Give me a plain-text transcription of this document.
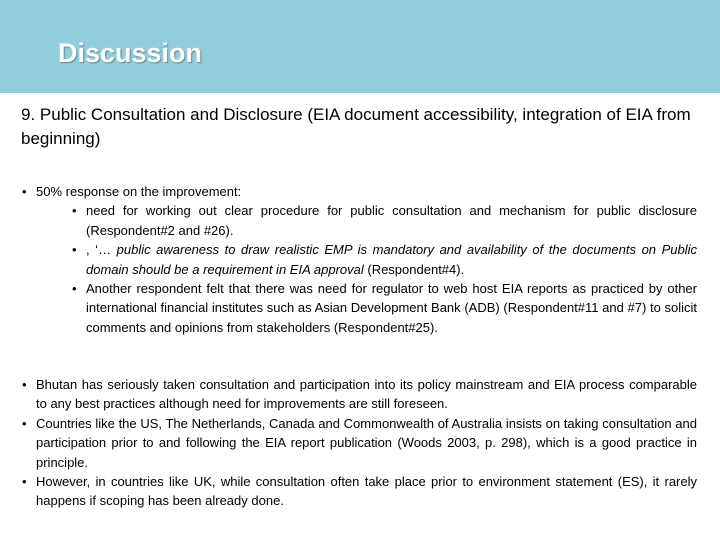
Discussion
9. Public Consultation and Disclosure (EIA document accessibility, integration of EIA from beginning)
• 50% response on the improvement:
• need for working out clear procedure for public consultation and mechanism for public disclosure (Respondent#2 and #26).
• , ‘… public awareness to draw realistic EMP is mandatory and availability of the documents on Public domain should be a requirement in EIA approval (Respondent#4).
• Another respondent felt that there was need for regulator to web host EIA reports as practiced by other international financial institutes such as Asian Development Bank (ADB) (Respondent#11 and #7) to solicit comments and opinions from stakeholders (Respondent#25).
• Bhutan has seriously taken consultation and participation into its policy mainstream and EIA process comparable to any best practices although need for improvements are still foreseen.
• Countries like the US, The Netherlands, Canada and Commonwealth of Australia insists on taking consultation and participation prior to and following the EIA report publication (Woods 2003, p. 298), which is a good practice in principle.
• However, in countries like UK, while consultation often take place prior to environment statement (ES), it rarely happens if scoping has been already done.
